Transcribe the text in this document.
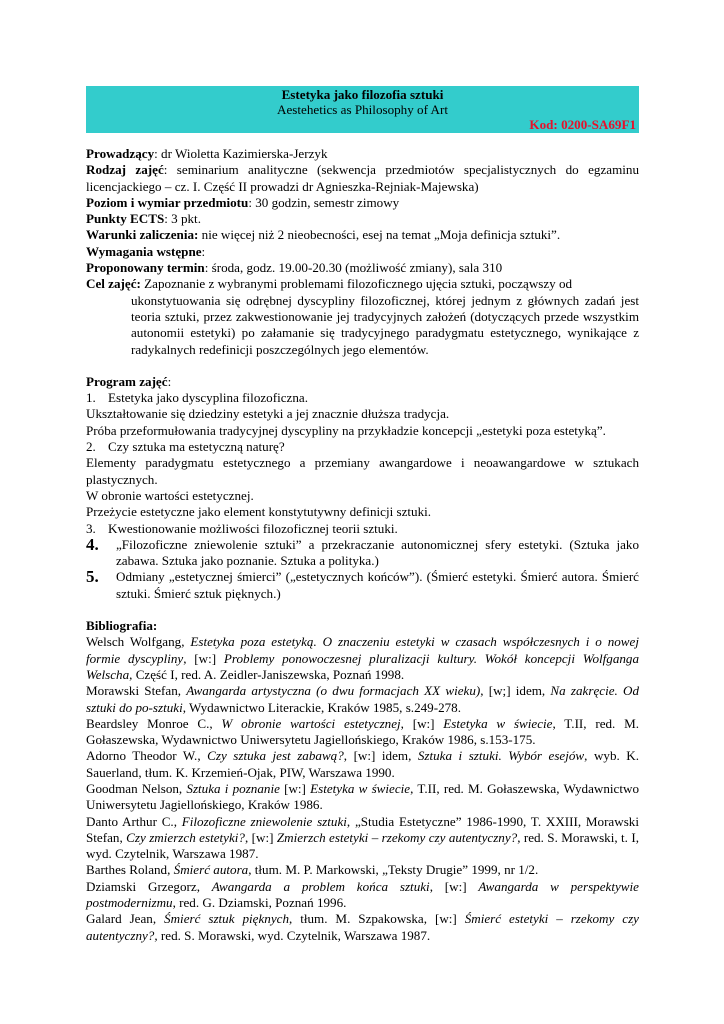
Estetyka jako filozofia sztuki
Aestehetics as Philosophy of Art
Kod: 0200-SA69F1

Prowadzący: dr Wioletta Kazimierska-Jerzyk

Rodzaj zajęć: seminarium analityczne (sekwencja przedmiotów specjalistycznych do egzaminu licencjackiego – cz. I. Część II prowadzi dr Agnieszka-Rejniak-Majewska)

Poziom i wymiar przedmiotu: 30 godzin, semestr zimowy

Punkty ECTS: 3 pkt.

Warunki zaliczenia: nie więcej niż 2 nieobecności, esej na temat „Moja definicja sztuki”.

Wymagania wstępne:

Proponowany termin: środa, godz. 19.00-20.30 (możliwość zmiany), sala 310

Cel zajęć: Zapoznanie z wybranymi problemami filozoficznego ujęcia sztuki, począwszy od

ukonstytuowania się odrębnej dyscypliny filozoficznej, której jednym z głównych zadań jest teoria sztuki, przez zakwestionowanie jej tradycyjnych założeń (dotyczących przede wszystkim autonomii estetyki) po załamanie się tradycyjnego paradygmatu estetycznego, wynikające z radykalnych redefinicji poszczególnych jego elementów.

Program zajęć:

1. Estetyka jako dyscyplina filozoficzna.

Ukształtowanie się dziedziny estetyki a jej znacznie dłuższa tradycja.

Próba przeformułowania tradycyjnej dyscypliny na przykładzie koncepcji „estetyki poza estetyką”.

2. Czy sztuka ma estetyczną naturę?

Elementy paradygmatu estetycznego a przemiany awangardowe i neoawangardowe w sztukach plastycznych.

W obronie wartości estetycznej.

Przeżycie estetyczne jako element konstytutywny definicji sztuki.

3. Kwestionowanie możliwości filozoficznej teorii sztuki.
4.	„Filozoficzne zniewolenie sztuki” a przekraczanie autonomicznej sfery estetyki. (Sztuka jako zabawa. Sztuka jako poznanie. Sztuka a polityka.)
5.	Odmiany „estetycznej śmierci” („estetycznych końców”). (Śmierć estetyki. Śmierć autora. Śmierć sztuki. Śmierć sztuk pięknych.)

Bibliografia:

Welsch Wolfgang, Estetyka poza estetyką. O znaczeniu estetyki w czasach współczesnych i o nowej formie dyscypliny, [w:] Problemy ponowoczesnej pluralizacji kultury. Wokół koncepcji Wolfganga Welscha, Część I, red. A. Zeidler-Janiszewska, Poznań 1998.

Morawski Stefan, Awangarda artystyczna (o dwu formacjach XX wieku), [w;] idem, Na zakręcie. Od sztuki do po-sztuki, Wydawnictwo Literackie, Kraków 1985, s.249-278.

Beardsley Monroe C., W obronie wartości estetycznej, [w:] Estetyka w świecie, T.II, red. M. Gołaszewska, Wydawnictwo Uniwersytetu Jagiellońskiego, Kraków 1986, s.153-175.

Adorno Theodor W., Czy sztuka jest zabawą?, [w:] idem, Sztuka i sztuki. Wybór esejów, wyb. K. Sauerland, tłum. K. Krzemień-Ojak, PIW, Warszawa 1990.

Goodman Nelson, Sztuka i poznanie [w:] Estetyka w świecie, T.II, red. M. Gołaszewska, Wydawnictwo Uniwersytetu Jagiellońskiego, Kraków 1986.

Danto Arthur C., Filozoficzne zniewolenie sztuki, „Studia Estetyczne” 1986-1990, T. XXIII, Morawski Stefan, Czy zmierzch estetyki?, [w:] Zmierzch estetyki – rzekomy czy autentyczny?, red. S. Morawski, t. I, wyd. Czytelnik, Warszawa 1987.

Barthes Roland, Śmierć autora, tłum. M. P. Markowski, „Teksty Drugie” 1999, nr 1/2.

Dziamski Grzegorz, Awangarda a problem końca sztuki, [w:] Awangarda w perspektywie postmodernizmu, red. G. Dziamski, Poznań 1996.

Galard Jean, Śmierć sztuk pięknych, tłum. M. Szpakowska, [w:] Śmierć estetyki – rzekomy czy autentyczny?, red. S. Morawski, wyd. Czytelnik, Warszawa 1987.
